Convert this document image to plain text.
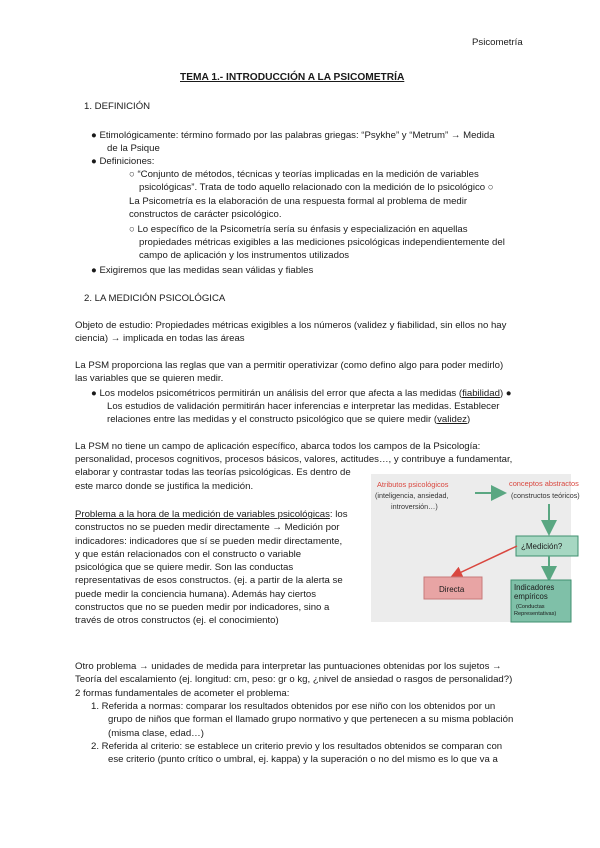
Psicometría
TEMA 1.- INTRODUCCIÓN A LA PSICOMETRÍA
1. DEFINICIÓN
● Etimológicamente: término formado por las palabras griegas: “Psykhe” y “Metrum” → Medida
de la Psique
● Definiciones:
○ “Conjunto de métodos, técnicas y teorías implicadas en la medición de variables
psicológicas”. Trata de todo aquello relacionado con la medición de lo psicológico ○
La Psicometría es la elaboración de una respuesta formal al problema de medir
constructos de carácter psicológico.
○ Lo específico de la Psicometría sería su énfasis y especialización en aquellas
propiedades métricas exigibles a las mediciones psicológicas independientemente del
campo de aplicación y los instrumentos utilizados
● Exigiremos que las medidas sean válidas y fiables
2. LA MEDICIÓN PSICOLÓGICA
Objeto de estudio: Propiedades métricas exigibles a los números (validez y fiabilidad, sin ellos no hay
ciencia) → implicada en todas las áreas
La PSM proporciona las reglas que van a permitir operativizar (como defino algo para poder medirlo)
las variables que se quieren medir.
● Los modelos psicométricos permitirán un análisis del error que afecta a las medidas (fiabilidad) ●
Los estudios de validación permitirán hacer inferencias e interpretar las medidas. Establecer
relaciones entre las medidas y el constructo psicológico que se quiere medir (validez)
La PSM no tiene un campo de aplicación específico, abarca todos los campos de la Psicología:
personalidad, procesos cognitivos, procesos básicos, valores, actitudes…, y contribuye a fundamentar,
elaborar y contrastar todas las teorías psicológicas. Es dentro de
este marco donde se justifica la medición.
Problema a la hora de la medición de variables psicológicas: los
constructos no se pueden medir directamente → Medición por
indicadores: indicadores que sí se pueden medir directamente,
y que están relacionados con el constructo o variable
psicológica que se quiere medir. Son las conductas
representativas de esos constructos. (ej. a partir de la alerta se
puede medir la conciencia humana). Además hay ciertos
constructos que no se pueden medir por indicadores, sino a
través de otros constructos (ej. el conocimiento)
Atributos psicológicos
(inteligencia, ansiedad,
introversión…)
conceptos abstractos
(constructos teóricos)
¿Medición?
Directa	Indicadores
empíricos
(Conductas
Representativas)
Otro problema → unidades de medida para interpretar las puntuaciones obtenidas por los sujetos →
Teoría del escalamiento (ej. longitud: cm, peso: gr o kg, ¿nivel de ansiedad o rasgos de personalidad?)
2 formas fundamentales de acometer el problema:
1. Referida a normas: comparar los resultados obtenidos por ese niño con los obtenidos por un
grupo de niños que forman el llamado grupo normativo y que pertenecen a su misma población
(misma clase, edad…)
2. Referida al criterio: se establece un criterio previo y los resultados obtenidos se comparan con
ese criterio (punto crítico o umbral, ej. kappa) y la superación o no del mismo es lo que va a
